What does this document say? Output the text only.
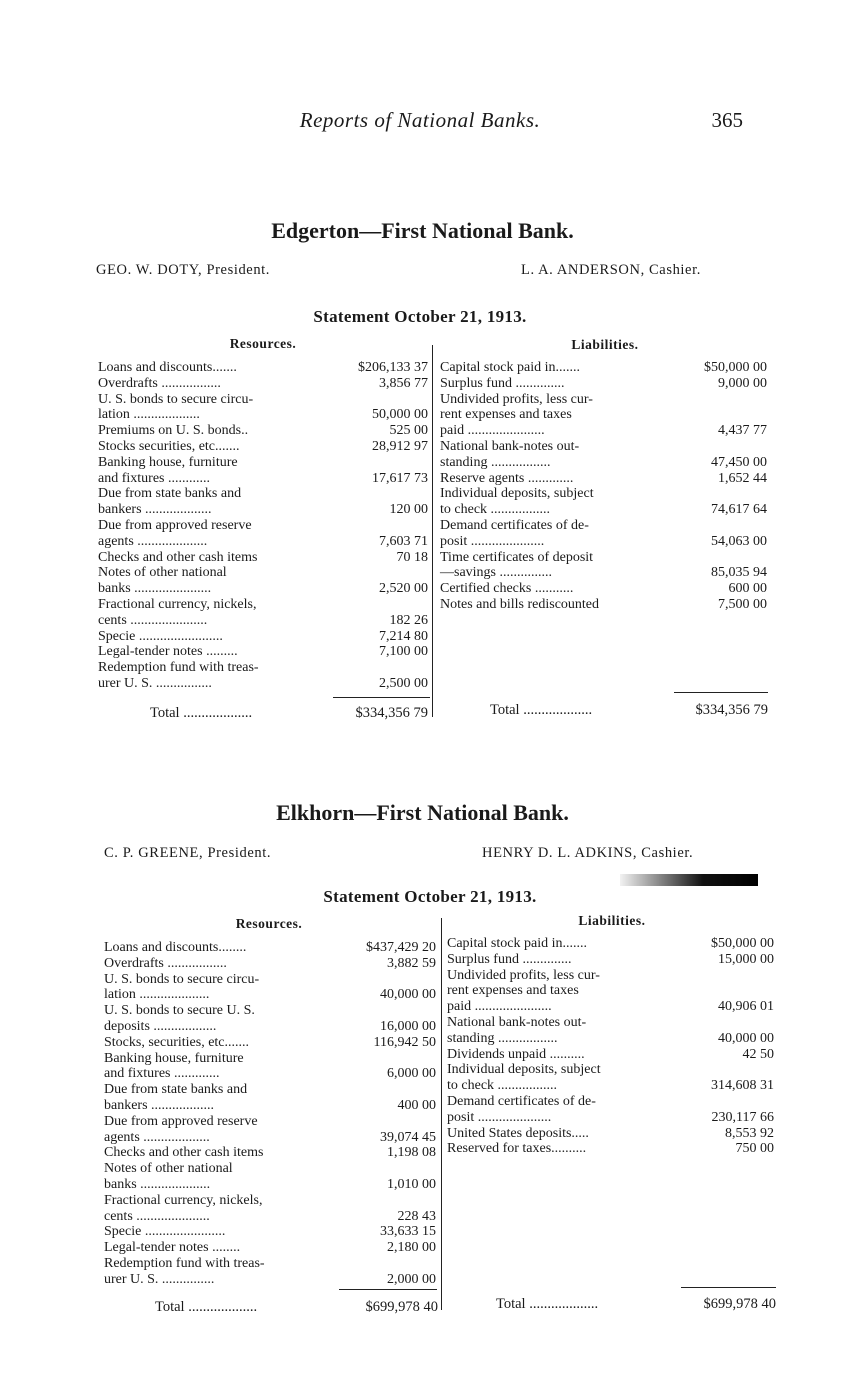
Reports of National Banks.	365
Edgerton—First National Bank.
GEO. W. DOTY, President.	L. A. ANDERSON, Cashier.
Statement October 21, 1913.
Resources.	Liabilities.
Loans and discounts.......	$206,133 37
Overdrafts .................	3,856 77
U. S. bonds to secure circu-
lation ...................	50,000 00
Premiums on U. S. bonds..	525 00
Stocks securities, etc.......	28,912 97
Banking house, furniture
and fixtures ............	17,617 73
Due from state banks and
bankers ...................	120 00
Due from approved reserve
agents ....................	7,603 71
Checks and other cash items	70 18
Notes of other national
banks ......................	2,520 00
Fractional currency, nickels,
cents ......................	182 26
Specie ........................	7,214 80
Legal-tender notes .........	7,100 00
Redemption fund with treas-
urer U. S. ................	2,500 00
Capital stock paid in.......	$50,000 00
Surplus fund ..............	9,000 00
Undivided profits, less cur-
rent expenses and taxes
paid ......................	4,437 77
National bank-notes out-
standing .................	47,450 00
Reserve agents .............	1,652 44
Individual deposits, subject
to check .................	74,617 64
Demand certificates of de-
posit .....................	54,063 00
Time certificates of deposit
—savings ...............	85,035 94
Certified checks ...........	600 00
Notes and bills rediscounted	7,500 00
Total ...................	$334,356 79	Total ...................	$334,356 79
Elkhorn—First National Bank.
C. P. GREENE, President.	HENRY D. L. ADKINS, Cashier.
Statement October 21, 1913.
Resources.	Liabilities.
Loans and discounts........	$437,429 20
Overdrafts .................	3,882 59
U. S. bonds to secure circu-
lation ....................	40,000 00
U. S. bonds to secure U. S.
deposits ..................	16,000 00
Stocks, securities, etc.......	116,942 50
Banking house, furniture
and fixtures .............	6,000 00
Due from state banks and
bankers ..................	400 00
Due from approved reserve
agents ...................	39,074 45
Checks and other cash items	1,198 08
Notes of other national
banks ....................	1,010 00
Fractional currency, nickels,
cents .....................	228 43
Specie .......................	33,633 15
Legal-tender notes ........	2,180 00
Redemption fund with treas-
urer U. S. ...............	2,000 00
Capital stock paid in.......	$50,000 00
Surplus fund ..............	15,000 00
Undivided profits, less cur-
rent expenses and taxes
paid ......................	40,906 01
National bank-notes out-
standing .................	40,000 00
Dividends unpaid ..........	42 50
Individual deposits, subject
to check .................	314,608 31
Demand certificates of de-
posit .....................	230,117 66
United States deposits.....	8,553 92
Reserved for taxes..........	750 00
Total ...................	$699,978 40	Total ...................	$699,978 40
